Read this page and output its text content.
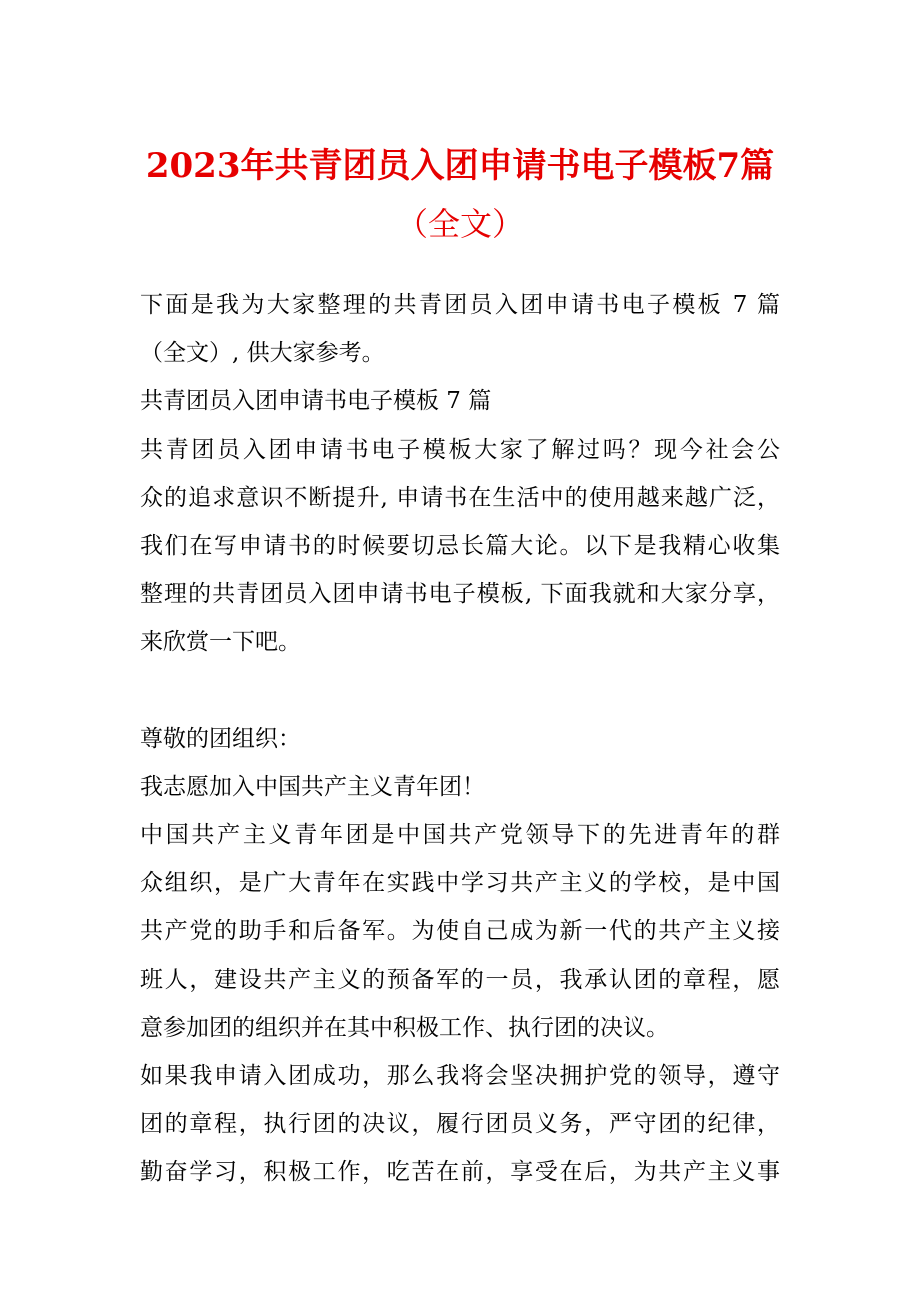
2023年共青团员入团申请书电子模板7篇
（全文）
下面是我为大家整理的共青团员入团申请书电子模板 7 篇
（全文）, 供大家参考。
共青团员入团申请书电子模板 7 篇
共青团员入团申请书电子模板大家了解过吗？现今社会公
众的追求意识不断提升, 申请书在生活中的使用越来越广泛，
我们在写申请书的时候要切忌长篇大论。以下是我精心收集
整理的共青团员入团申请书电子模板, 下面我就和大家分享，
来欣赏一下吧。
尊敬的团组织：
我志愿加入中国共产主义青年团！
中国共产主义青年团是中国共产党领导下的先进青年的群
众组织，是广大青年在实践中学习共产主义的学校，是中国
共产党的助手和后备军。为使自己成为新一代的共产主义接
班人，建设共产主义的预备军的一员，我承认团的章程，愿
意参加团的组织并在其中积极工作、执行团的决议。
如果我申请入团成功，那么我将会坚决拥护党的领导，遵守
团的章程，执行团的决议，履行团员义务，严守团的纪律，
勤奋学习，积极工作，吃苦在前，享受在后，为共产主义事
